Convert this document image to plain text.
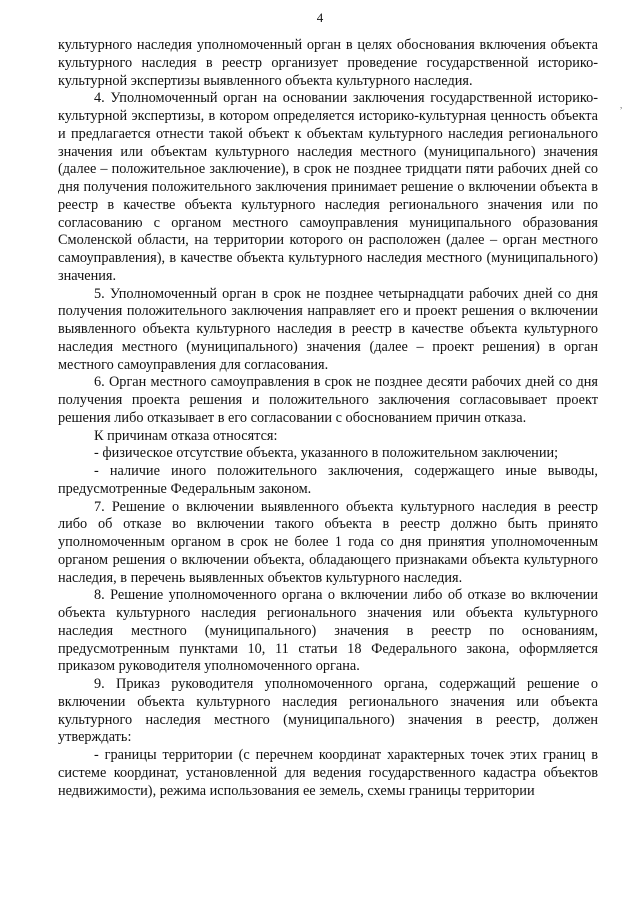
4
,

культурного наследия уполномоченный орган в целях обоснования включения объекта культурного наследия в реестр организует проведение государственной историко-культурной экспертизы выявленного объекта культурного наследия.

4. Уполномоченный орган на основании заключения государственной историко-культурной экспертизы, в котором определяется историко-культурная ценность объекта и предлагается отнести такой объект к объектам культурного наследия регионального значения или объектам культурного наследия местного (муниципального) значения (далее – положительное заключение), в срок не позднее тридцати пяти рабочих дней со дня получения положительного заключения принимает решение о включении объекта в реестр в качестве объекта культурного наследия регионального значения или по согласованию с органом местного самоуправления муниципального образования Смоленской области, на территории которого он расположен (далее – орган местного самоуправления), в качестве объекта культурного наследия местного (муниципального) значения.

5. Уполномоченный орган в срок не позднее четырнадцати рабочих дней со дня получения положительного заключения направляет его и проект решения о включении выявленного объекта культурного наследия в реестр в качестве объекта культурного наследия местного (муниципального) значения (далее – проект решения) в орган местного самоуправления для согласования.

6. Орган местного самоуправления в срок не позднее десяти рабочих дней со дня получения проекта решения и положительного заключения согласовывает проект решения либо отказывает в его согласовании с обоснованием причин отказа.

К причинам отказа относятся:

- физическое отсутствие объекта, указанного в положительном заключении;

- наличие иного положительного заключения, содержащего иные выводы, предусмотренные Федеральным законом.

7. Решение о включении выявленного объекта культурного наследия в реестр либо об отказе во включении такого объекта в реестр должно быть принято уполномоченным органом в срок не более 1 года со дня принятия уполномоченным органом решения о включении объекта, обладающего признаками объекта культурного наследия, в перечень выявленных объектов культурного наследия.

8. Решение уполномоченного органа о включении либо об отказе во включении объекта культурного наследия регионального значения или объекта культурного наследия местного (муниципального) значения в реестр по основаниям, предусмотренным пунктами 10, 11 статьи 18 Федерального закона, оформляется приказом руководителя уполномоченного органа.

9. Приказ руководителя уполномоченного органа, содержащий решение о включении объекта культурного наследия регионального значения или объекта культурного наследия местного (муниципального) значения в реестр, должен утверждать:

- границы территории (с перечнем координат характерных точек этих границ в системе координат, установленной для ведения государственного кадастра объектов недвижимости), режима использования ее земель, схемы границы территории
